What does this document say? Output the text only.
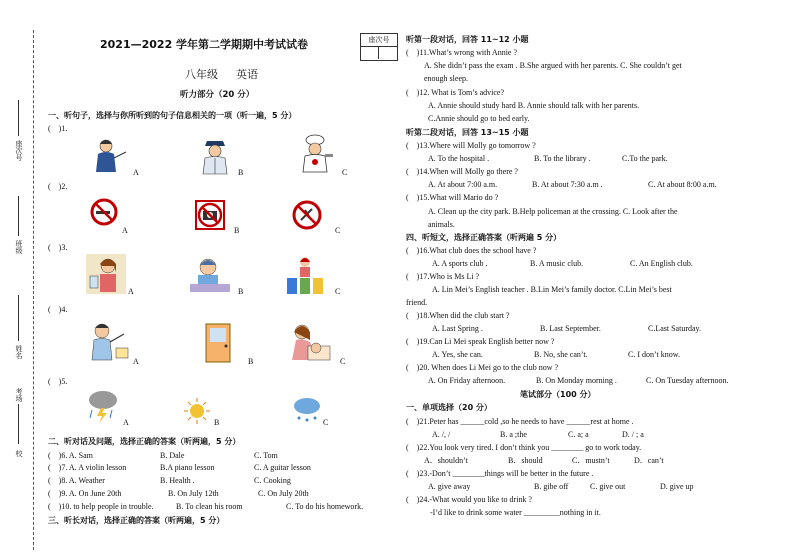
座次号
班级
姓名
考场
校
2021—2022 学年第二学期期中考试试卷	座次号
八年级 英语
听力部分（20 分）
一、听句子，选择与你所听到的句子信息相关的一项（听一遍，5 分）
(　)1.
A	B	C
(　)2.
A	B	C
(　)3.
A	B	C
(　)4.
A	B	C
(　)5.
A	B	C
二、听对话及问题，选择正确的答案（听两遍，5 分）
(　)6. A. Sam	B. Dale	C. Tom
(　)7. A. A violin lesson	B.A piano lesson	C. A guitar lesson
(　)8. A. Weather	B. Health .	C. Cooking
(　)9. A. On June 20th	B. On July 12th	C. On July 20th
(　)10. to help people in trouble.	B. To clean his room	C. To do his homework.
三、听长对话，选择正确的答案（听两遍，5 分）
听第一段对话，回答 11~12 小题
(　)11.What’s wrong with Annie ?
A. She didn’t pass the exam . B.She argued with her parents. C. She couldn’t get
enough sleep.
(　)12. What is Tom’s advice?
A. Annie should study hard B. Annie should talk with her parents.
C.Annie should go to bed early.
听第二段对话，回答 13~15 小题
(　)13.Where will Molly go tomorrow ?
A. To the hospital .	B. To the library .	C.To the park.
(　)14.When will Molly go there ?
A. At about 7:00 a.m.	B. At about 7:30 a.m .	C. At about 8:00 a.m.
(　)15.What will Mario do ?
A. Clean up the city park. B.Help policeman at the crossing. C. Look after the
animals.
四、听短文，选择正确答案（听两遍 5 分）
(　)16.What club does the school have ?
A. A sports club .	B. A music club.	C. An English club.
(　)17.Who is Ms Li ?
A. Lin Mei’s English teacher . B.Lin Mei’s family doctor. C.Lin Mei’s best
friend.
(　)18.When did the club start ?
A. Last Spring .	B. Last September.	C.Last Saturday.
(　)19.Can Li Mei speak English better now ?
A. Yes, she can.	B. No, she can’t.	C. I don’t know.
(　)20. When does Li Mei go to the club now ?
A. On Friday afternoon.	B. On Monday morning .	C. On Tuesday afternoon.
笔试部分（100 分）
一、单项选择（20 分）
(　)21.Peter has ______cold ,so he needs to have ______rest at home .
A. /, /	B. a ;the	C. a; a	D. / ; a
(　)22.You look very tired. I don’t think you ________ go to work today.
A．shouldn’t	B．should	C．mustn’t	D．can’t
(　)23.-Don’t ________things will be better in the future .
A. give away	B. gibe off	C. give out	D. give up
(　)24.-What would you like to drink ?
-I’d like to drink some water _________nothing in it.
